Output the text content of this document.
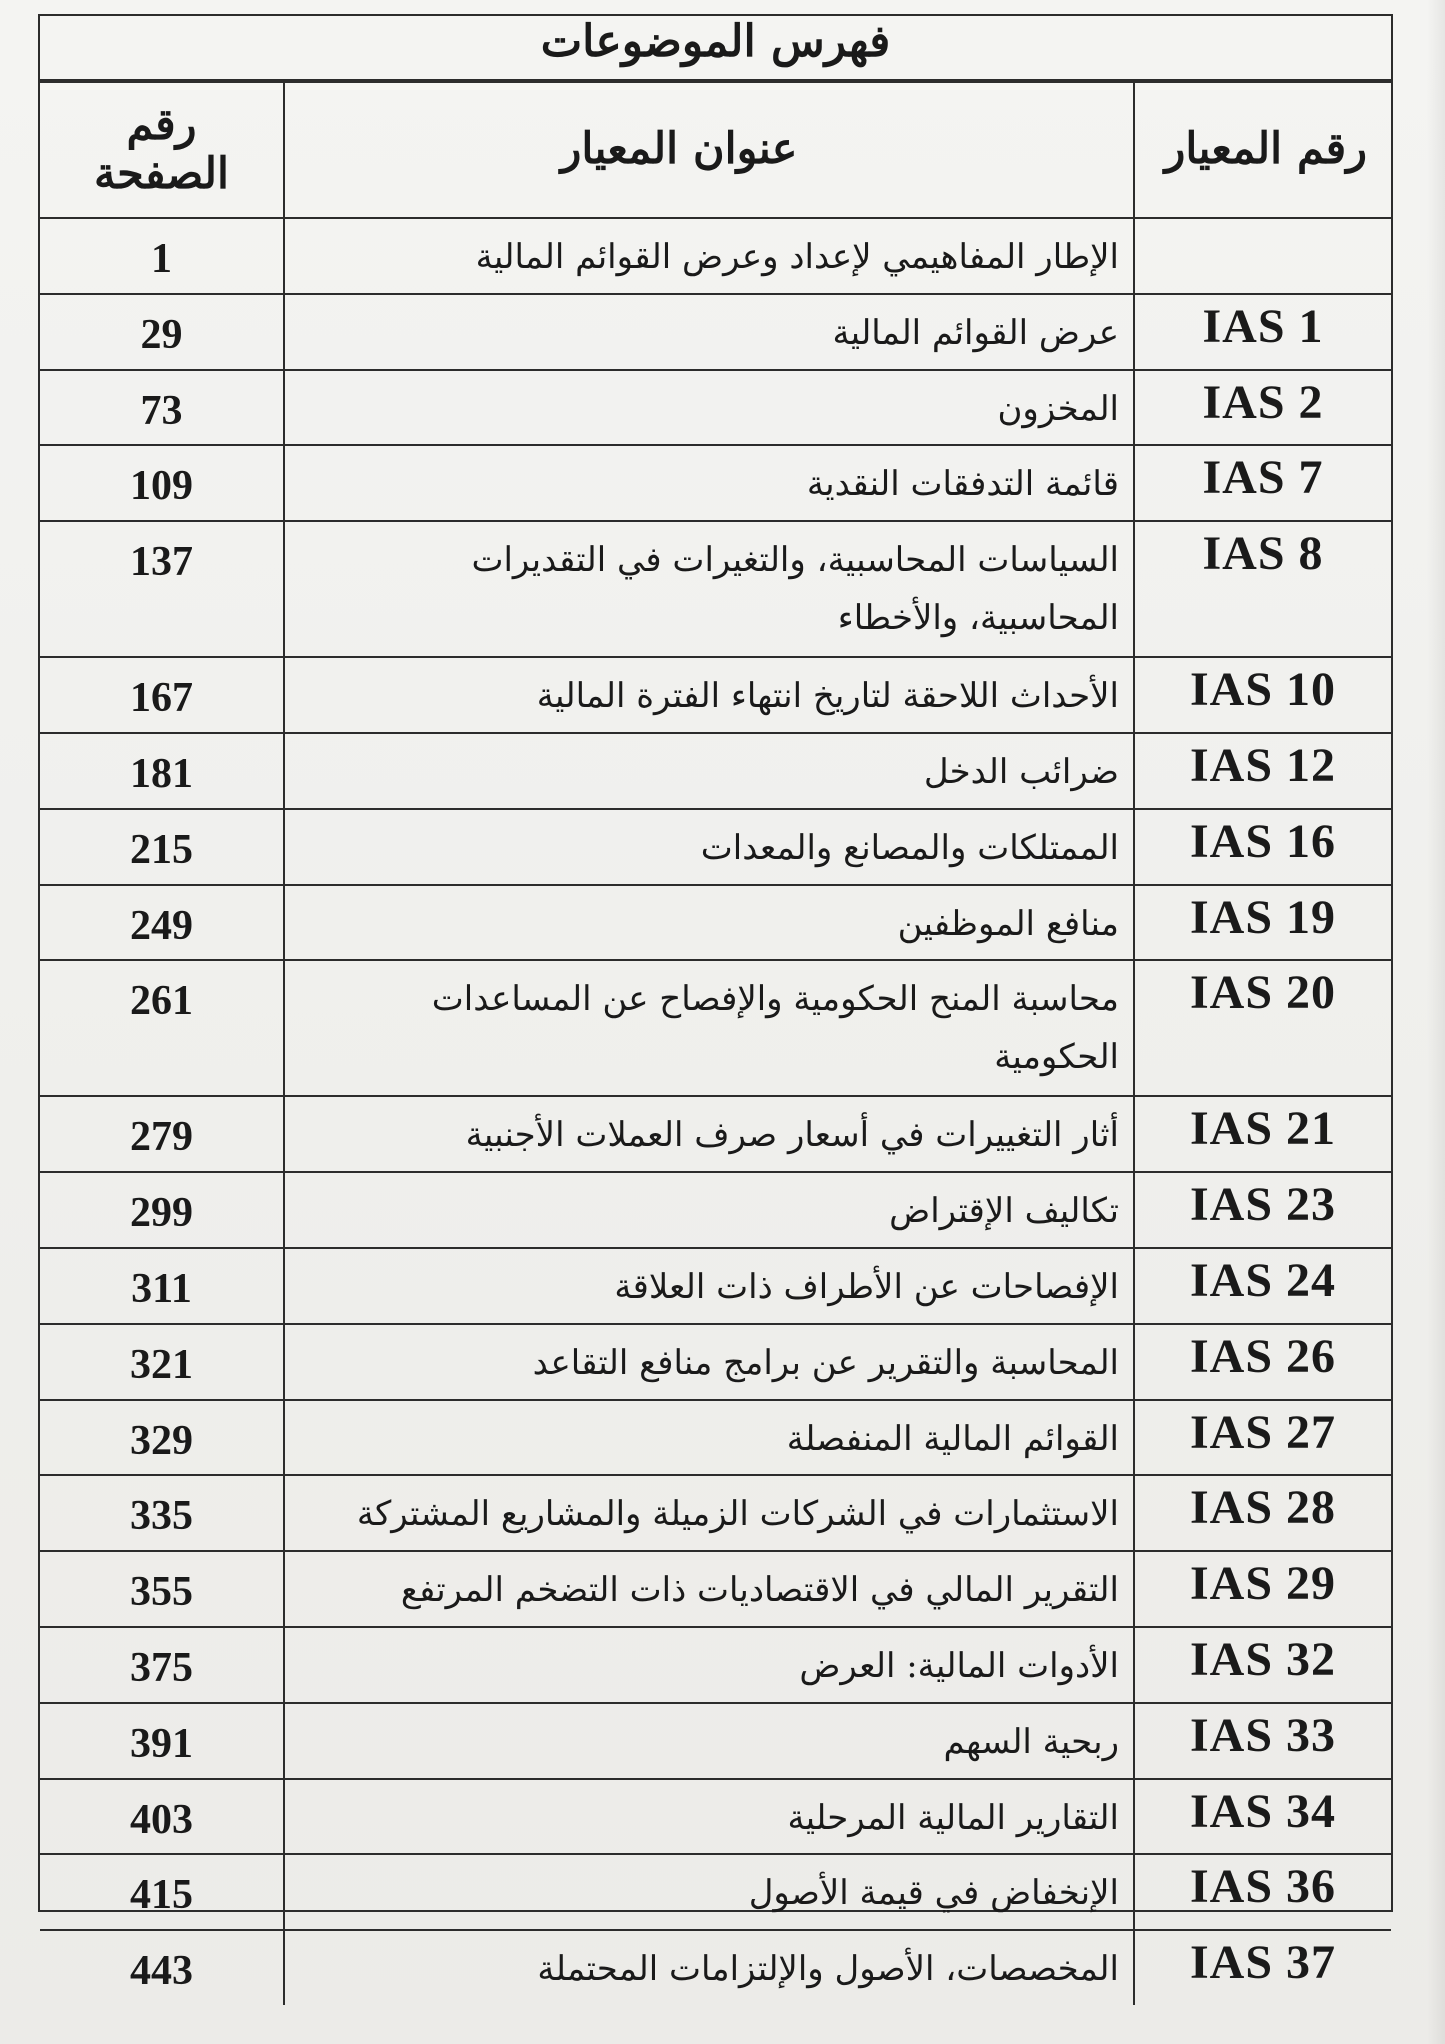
فهرس الموضوعات
رقم المعيار	عنوان المعيار	رقم
الصفحة

	الإطار المفاهيمي لإعداد وعرض القوائم المالية	1
IAS 1	عرض القوائم المالية	29
IAS 2	المخزون	73
IAS 7	قائمة التدفقات النقدية	109
IAS 8	السياسات المحاسبية، والتغيرات في التقديرات المحاسبية، والأخطاء	137
IAS 10	الأحداث اللاحقة لتاريخ انتهاء الفترة المالية	167
IAS 12	ضرائب الدخل	181
IAS 16	الممتلكات والمصانع والمعدات	215
IAS 19	منافع الموظفين	249
IAS 20	محاسبة المنح الحكومية والإفصاح عن المساعدات الحكومية	261
IAS 21	أثار التغييرات في أسعار صرف العملات الأجنبية	279
IAS 23	تكاليف الإقتراض	299
IAS 24	الإفصاحات عن الأطراف ذات العلاقة	311
IAS 26	المحاسبة والتقرير عن برامج منافع التقاعد	321
IAS 27	القوائم المالية المنفصلة	329
IAS 28	الاستثمارات في الشركات الزميلة والمشاريع المشتركة	335
IAS 29	التقرير المالي في الاقتصاديات ذات التضخم المرتفع	355
IAS 32	الأدوات المالية: العرض	375
IAS 33	ربحية السهم	391
IAS 34	التقارير المالية المرحلية	403
IAS 36	الإنخفاض في قيمة الأصول	415
IAS 37	المخصصات، الأصول والإلتزامات المحتملة	443
